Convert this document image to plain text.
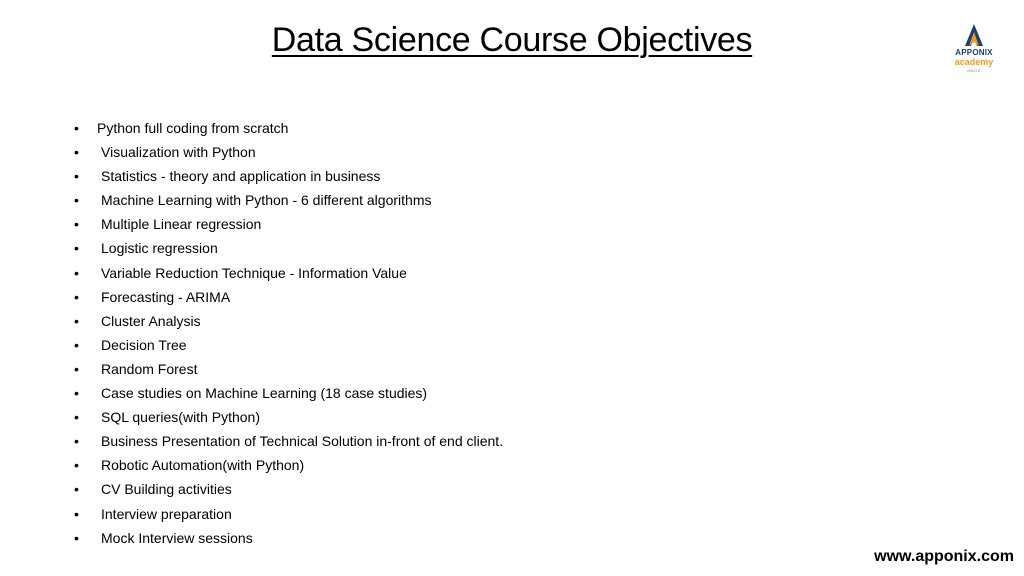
Data Science Course Objectives	APPONIX
academy
MAOZ
• Python full coding from scratch
• Visualization with Python
• Statistics - theory and application in business
• Machine Learning with Python - 6 different algorithms
• Multiple Linear regression
• Logistic regression
• Variable Reduction Technique - Information Value
• Forecasting - ARIMA
• Cluster Analysis
• Decision Tree
• Random Forest
• Case studies on Machine Learning (18 case studies)
• SQL queries(with Python)
• Business Presentation of Technical Solution in-front of end client.
• Robotic Automation(with Python)
• CV Building activities
• Interview preparation
• Mock Interview sessions
www.apponix.com
